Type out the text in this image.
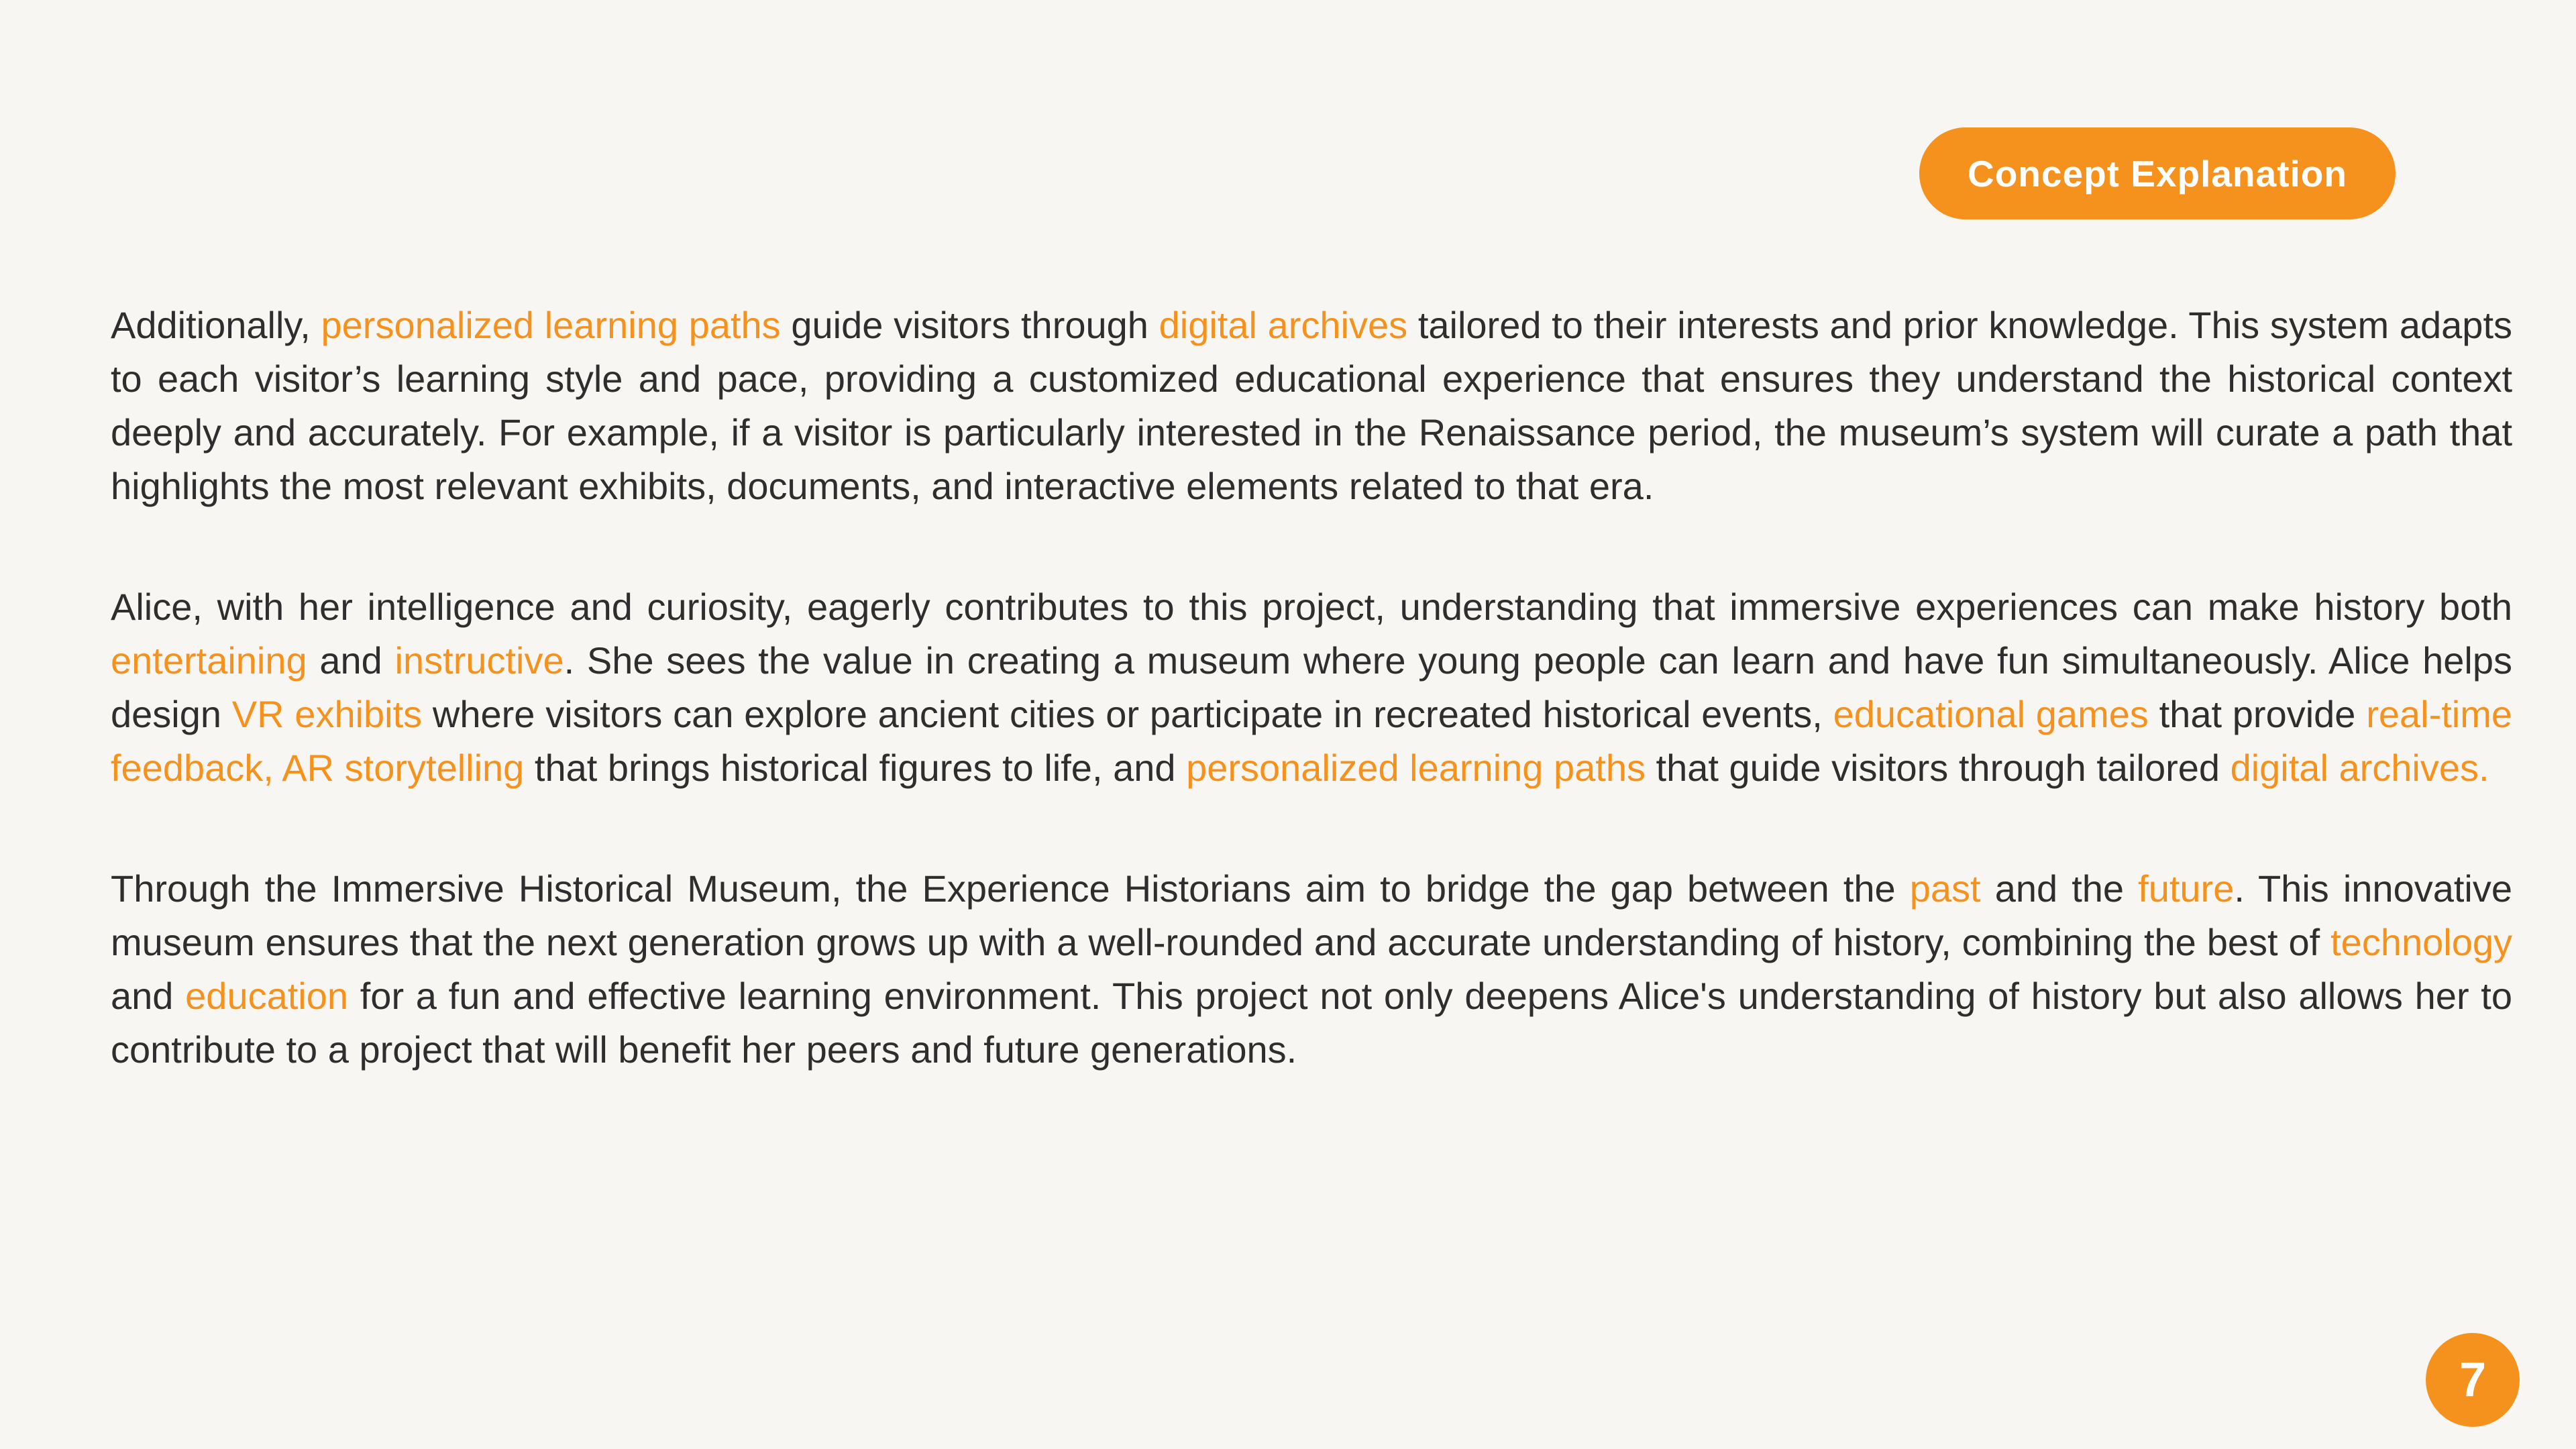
Concept Explanation

Additionally, personalized learning paths guide visitors through digital archives tailored to their interests and prior knowledge. This system adapts to each visitor’s learning style and pace, providing a customized educational experience that ensures they understand the historical context deeply and accurately. For example, if a visitor is particularly interested in the Renaissance period, the museum’s system will curate a path that highlights the most relevant exhibits, documents, and interactive elements related to that era.

Alice, with her intelligence and curiosity, eagerly contributes to this project, understanding that immersive experiences can make history both entertaining and instructive. She sees the value in creating a museum where young people can learn and have fun simultaneously. Alice helps design VR exhibits where visitors can explore ancient cities or participate in recreated historical events, educational games that provide real-time feedback, AR storytelling that brings historical figures to life, and personalized learning paths that guide visitors through tailored digital archives.

Through the Immersive Historical Museum, the Experience Historians aim to bridge the gap between the past and the future. This innovative museum ensures that the next generation grows up with a well-rounded and accurate understanding of history, combining the best of technology and education for a fun and effective learning environment. This project not only deepens Alice's understanding of history but also allows her to contribute to a project that will benefit her peers and future generations.

7
